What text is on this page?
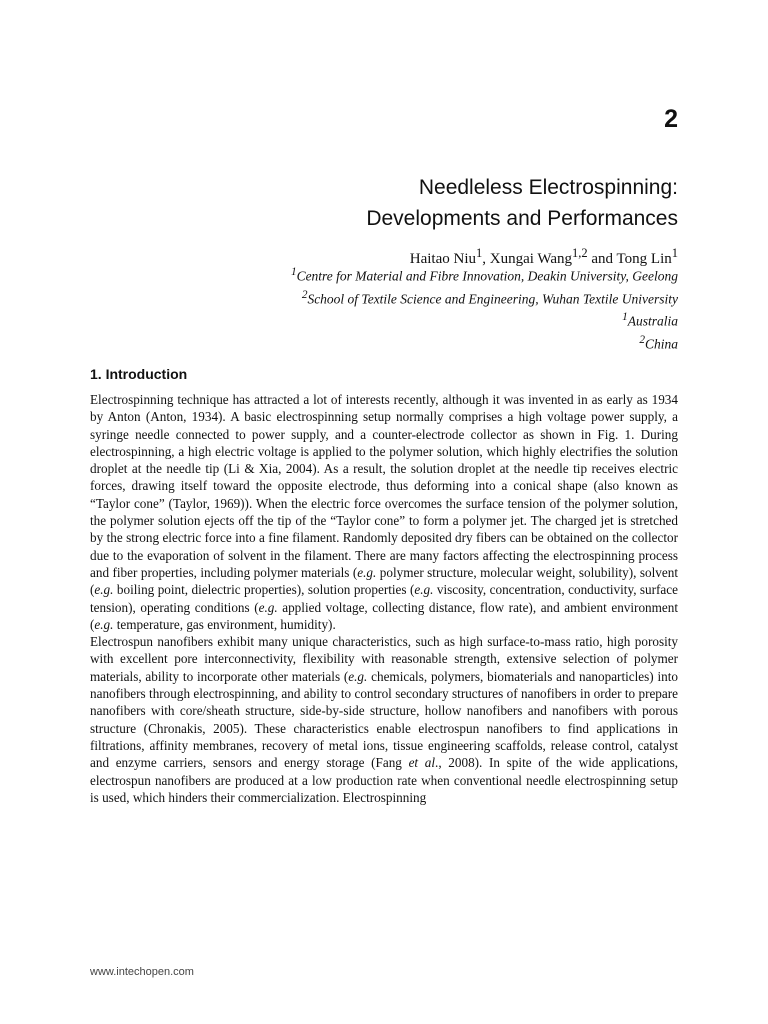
2
Needleless Electrospinning:
Developments and Performances
Haitao Niu$^1$, Xungai Wang$^{1,2}$ and Tong Lin$^1$
$^1$Centre for Material and Fibre Innovation, Deakin University, Geelong
$^2$School of Textile Science and Engineering, Wuhan Textile University
$^1$Australia
$^2$China
1. Introduction

Electrospinning technique has attracted a lot of interests recently, although it was invented in as early as 1934 by Anton (Anton, 1934). A basic electrospinning setup normally comprises a high voltage power supply, a syringe needle connected to power supply, and a counter-electrode collector as shown in Fig. 1. During electrospinning, a high electric voltage is applied to the polymer solution, which highly electrifies the solution droplet at the needle tip (Li & Xia, 2004). As a result, the solution droplet at the needle tip receives electric forces, drawing itself toward the opposite electrode, thus deforming into a conical shape (also known as “Taylor cone” (Taylor, 1969)). When the electric force overcomes the surface tension of the polymer solution, the polymer solution ejects off the tip of the “Taylor cone” to form a polymer jet. The charged jet is stretched by the strong electric force into a fine filament. Randomly deposited dry fibers can be obtained on the collector due to the evaporation of solvent in the filament. There are many factors affecting the electrospinning process and fiber properties, including polymer materials (e.g. polymer structure, molecular weight, solubility), solvent (e.g. boiling point, dielectric properties), solution properties (e.g. viscosity, concentration, conductivity, surface tension), operating conditions (e.g. applied voltage, collecting distance, flow rate), and ambient environment (e.g. temperature, gas environment, humidity).

Electrospun nanofibers exhibit many unique characteristics, such as high surface-to-mass ratio, high porosity with excellent pore interconnectivity, flexibility with reasonable strength, extensive selection of polymer materials, ability to incorporate other materials (e.g. chemicals, polymers, biomaterials and nanoparticles) into nanofibers through electrospinning, and ability to control secondary structures of nanofibers in order to prepare nanofibers with core/sheath structure, side-by-side structure, hollow nanofibers and nanofibers with porous structure (Chronakis, 2005). These characteristics enable electrospun nanofibers to find applications in filtrations, affinity membranes, recovery of metal ions, tissue engineering scaffolds, release control, catalyst and enzyme carriers, sensors and energy storage (Fang et al., 2008). In spite of the wide applications, electrospun nanofibers are produced at a low production rate when conventional needle electrospinning setup is used, which hinders their commercialization. Electrospinning

www.intechopen.com
